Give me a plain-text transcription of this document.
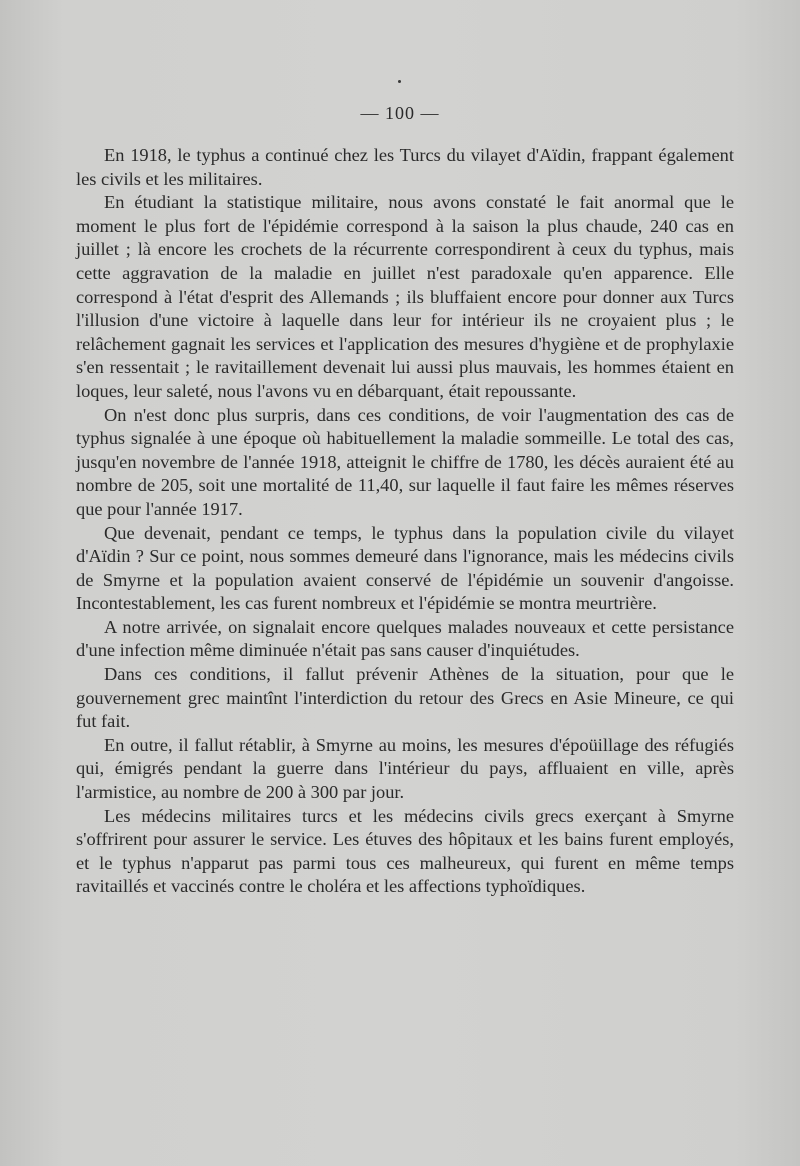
— 100 —

En 1918, le typhus a continué chez les Turcs du vilayet d'Aïdin, frappant également les civils et les militaires.

En étudiant la statistique militaire, nous avons constaté le fait anormal que le moment le plus fort de l'épidémie correspond à la saison la plus chaude, 240 cas en juillet ; là encore les crochets de la récurrente correspondirent à ceux du typhus, mais cette aggravation de la maladie en juillet n'est paradoxale qu'en apparence. Elle correspond à l'état d'esprit des Allemands ; ils bluffaient encore pour donner aux Turcs l'illusion d'une victoire à laquelle dans leur for intérieur ils ne croyaient plus ; le relâchement gagnait les services et l'application des mesures d'hygiène et de prophylaxie s'en ressentait ; le ravitaillement devenait lui aussi plus mauvais, les hommes étaient en loques, leur saleté, nous l'avons vu en débarquant, était repoussante.

On n'est donc plus surpris, dans ces conditions, de voir l'augmentation des cas de typhus signalée à une époque où habituellement la maladie sommeille. Le total des cas, jusqu'en novembre de l'année 1918, atteignit le chiffre de 1780, les décès auraient été au nombre de 205, soit une mortalité de 11,40, sur laquelle il faut faire les mêmes réserves que pour l'année 1917.

Que devenait, pendant ce temps, le typhus dans la population civile du vilayet d'Aïdin ? Sur ce point, nous sommes demeuré dans l'ignorance, mais les médecins civils de Smyrne et la population avaient conservé de l'épidémie un souvenir d'angoisse. Incontestablement, les cas furent nombreux et l'épidémie se montra meurtrière.

A notre arrivée, on signalait encore quelques malades nouveaux et cette persistance d'une infection même diminuée n'était pas sans causer d'inquiétudes.

Dans ces conditions, il fallut prévenir Athènes de la situation, pour que le gouvernement grec maintînt l'interdiction du retour des Grecs en Asie Mineure, ce qui fut fait.

En outre, il fallut rétablir, à Smyrne au moins, les mesures d'époüillage des réfugiés qui, émigrés pendant la guerre dans l'intérieur du pays, affluaient en ville, après l'armistice, au nombre de 200 à 300 par jour.

Les médecins militaires turcs et les médecins civils grecs exerçant à Smyrne s'offrirent pour assurer le service. Les étuves des hôpitaux et les bains furent employés, et le typhus n'apparut pas parmi tous ces malheureux, qui furent en même temps ravitaillés et vaccinés contre le choléra et les affections typhoïdiques.
